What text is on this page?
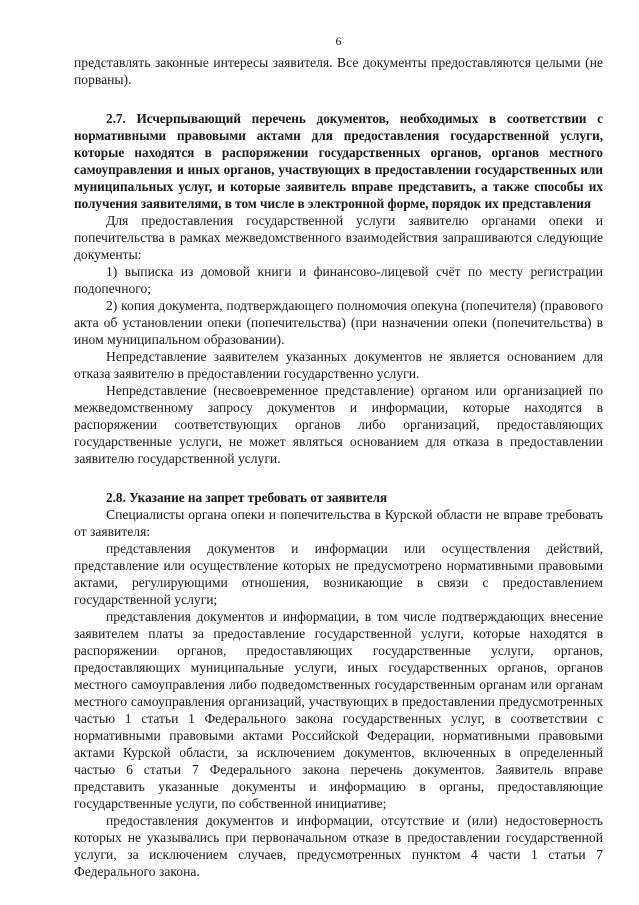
6

представлять законные интересы заявителя. Все документы предоставляются целыми (не порваны).

2.7. Исчерпывающий перечень документов, необходимых в соответствии с нормативными правовыми актами для предоставления государственной услуги, которые находятся в распоряжении государственных органов, органов местного самоуправления и иных органов, участвующих в предоставлении государственных или муниципальных услуг, и которые заявитель вправе представить, а также способы их получения заявителями, в том числе в электронной форме, порядок их представления

Для предоставления государственной услуги заявителю органами опеки и попечительства в рамках межведомственного взаимодействия запрашиваются следующие документы:

1) выписка из домовой книги и финансово-лицевой счёт по месту регистрации подопечного;

2) копия документа, подтверждающего полномочия опекуна (попечителя) (правового акта об установлении опеки (попечительства) (при назначении опеки (попечительства) в ином муниципальном образовании).

Непредставление заявителем указанных документов не является основанием для отказа заявителю в предоставлении государственно услуги.

Непредставление (несвоевременное представление) органом или организацией по межведомственному запросу документов и информации, которые находятся в распоряжении соответствующих органов либо организаций, предоставляющих государственные услуги, не может являться основанием для отказа в предоставлении заявителю государственной услуги.

2.8. Указание на запрет требовать от заявителя

Специалисты органа опеки и попечительства в Курской области не вправе требовать от заявителя:

представления документов и информации или осуществления действий, представление или осуществление которых не предусмотрено нормативными правовыми актами, регулирующими отношения, возникающие в связи с предоставлением государственной услуги;

представления документов и информации, в том числе подтверждающих внесение заявителем платы за предоставление государственной услуги, которые находятся в распоряжении органов, предоставляющих государственные услуги, органов, предоставляющих муниципальные услуги, иных государственных органов, органов местного самоуправления либо подведомственных государственным органам или органам местного самоуправления организаций, участвующих в предоставлении предусмотренных частью 1 статьи 1 Федерального закона государственных услуг, в соответствии с нормативными правовыми актами Российской Федерации, нормативными правовыми актами Курской области, за исключением документов, включенных в определенный частью 6 статьи 7 Федерального закона перечень документов. Заявитель вправе представить указанные документы и информацию в органы, предоставляющие государственные услуги, по собственной инициативе;

предоставления документов и информации, отсутствие и (или) недостоверность которых не указывались при первоначальном отказе в предоставлении государственной услуги, за исключением случаев, предусмотренных пунктом 4 части 1 статьи 7 Федерального закона.
